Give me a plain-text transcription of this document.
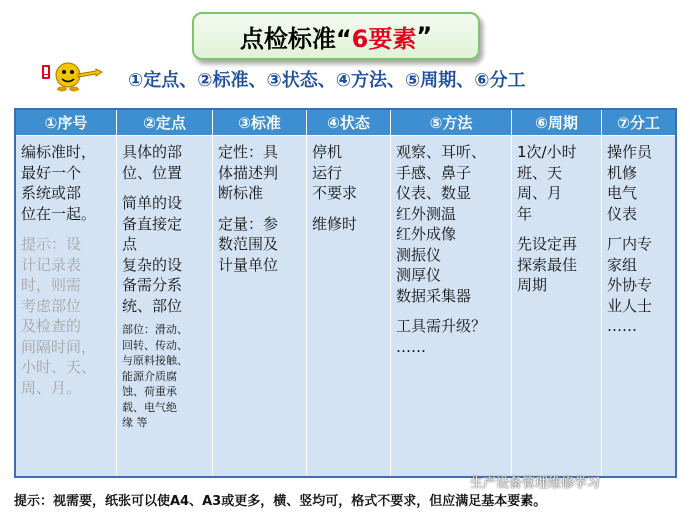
点检标准“ 6要素 ”
①定点、②标准、③状态、④方法、⑤周期、⑥分工
①序号
编标准时，
最好一个
系统或部
位在一起。
提示：设
计记录表
时，则需
考虑部位
及检查的
间隔时间，
小时、天、
周、月。
②定点
具体的部
位、位置
简单的设
备直接定
点
复杂的设
备需分系
统、部位
部位：滑动、
回转、传动、
与原料接触、
能源介质腐
蚀、荷重承
载、电气绝
缘 等
③标准
定性：具
体描述判
断标准
定量：参
数范围及
计量单位
④状态
停机
运行
不要求
维修时
⑤方法
观察、耳听、
手感、鼻子
仪表、数显
红外测温
红外成像
测振仪
测厚仪
数据采集器
工具需升级？
……
⑥周期
1次/小时
班、天
周、月
年
先设定再
探索最佳
周期
⑦分工
操作员
机修
电气
仪表
厂内专
家组
外协专
业人士
……
生产设备管理维修学习
提示：视需要，纸张可以使A4、A3或更多，横、竖均可，格式不要求，但应满足基本要素。
